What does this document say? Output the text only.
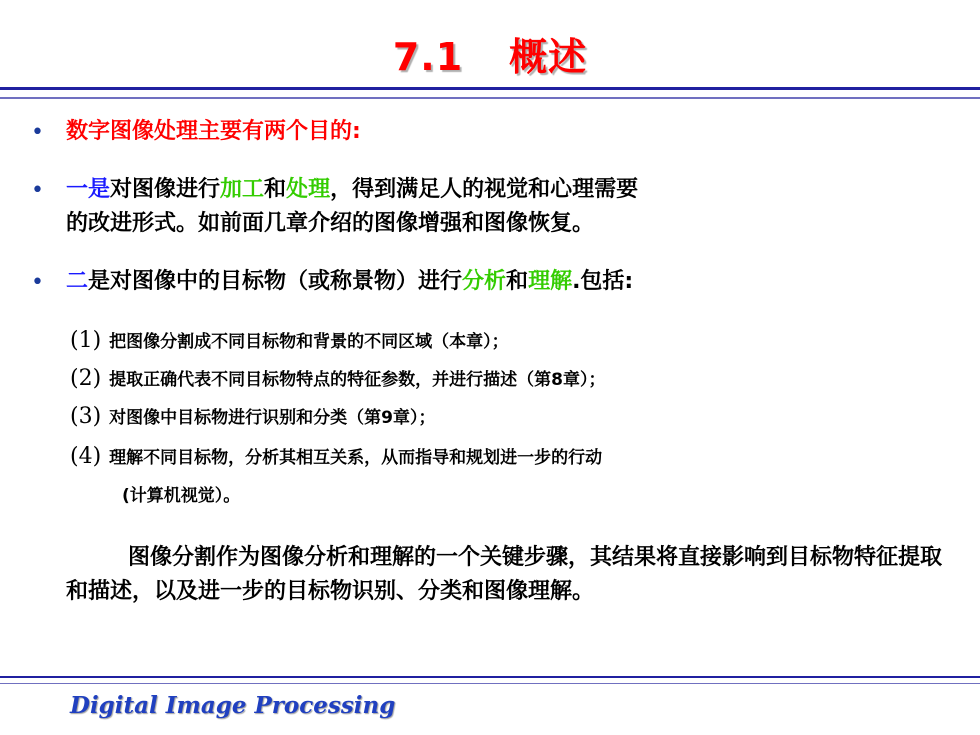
7.1 概述
• 数字图像处理主要有两个目的:
• 一是对图像进行加工和处理，得到满足人的视觉和心理需要
的改进形式。如前面几章介绍的图像增强和图像恢复。
• 二是对图像中的目标物（或称景物）进行分析和理解.包括:
(1) 把图像分割成不同目标物和背景的不同区域（本章）；
(2) 提取正确代表不同目标物特点的特征参数，并进行描述（第8章）；
(3) 对图像中目标物进行识别和分类（第9章）；
(4) 理解不同目标物，分析其相互关系，从而指导和规划进一步的行动
(计算机视觉）。
图像分割作为图像分析和理解的一个关键步骤，其结果将直接影响到目标物特征提取和描述，以及进一步的目标物识别、分类和图像理解。
Digital Image Processing
